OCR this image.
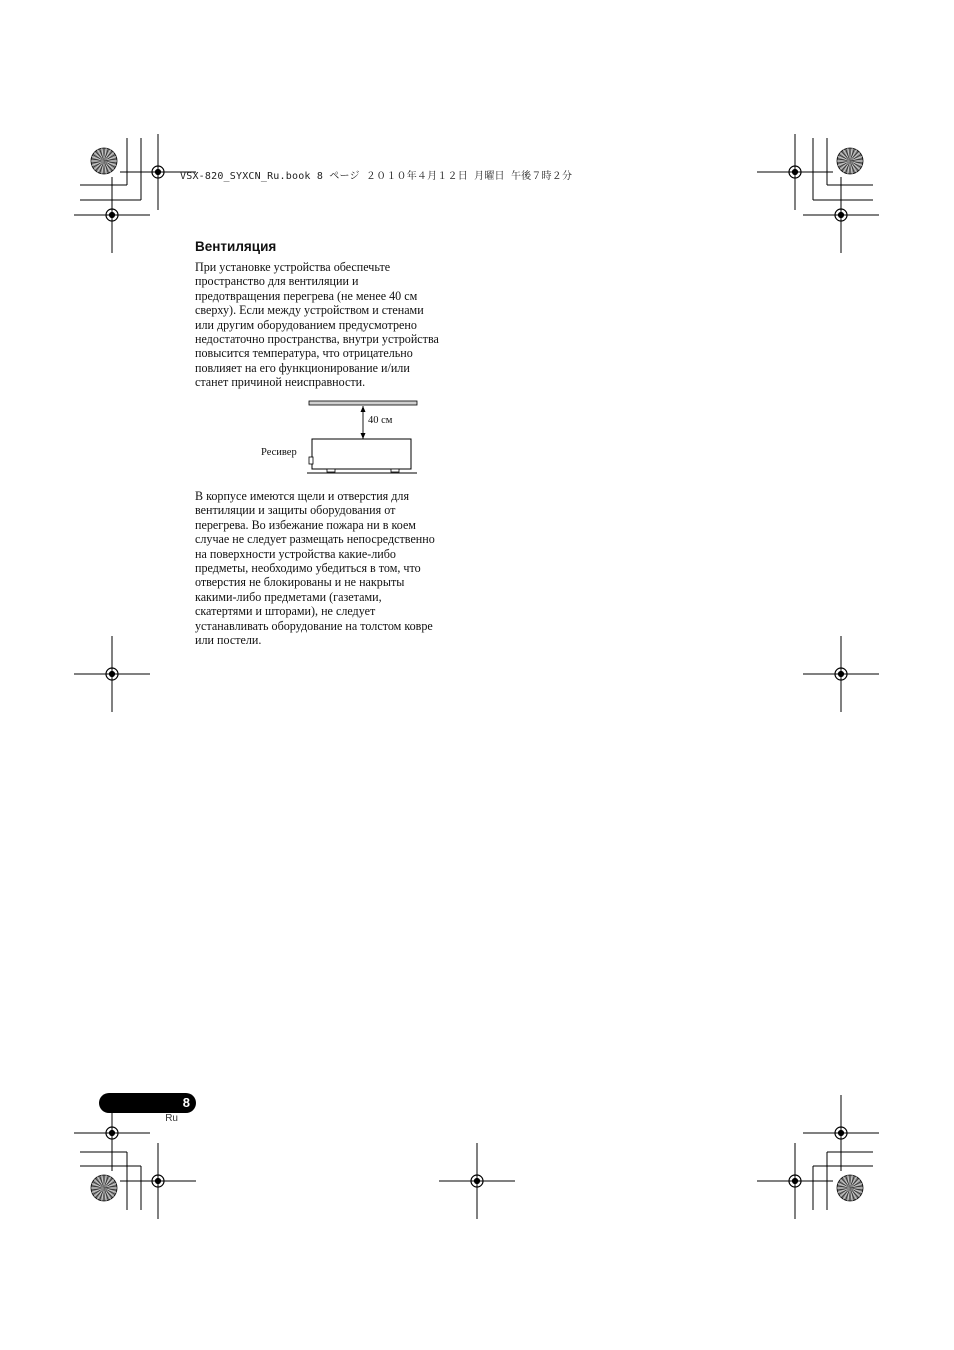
VSX-820_SYXCN_Ru.book 8 ページ ２０１０年４月１２日 月曜日 午後７時２分
Вентиляция
При установке устройства обеспечьте
пространство для вентиляции и
предотвращения перегрева (не менее 40 см
сверху). Если между устройством и стенами
или другим оборудованием предусмотрено
недостаточно пространства, внутри устройства
повысится температура, что отрицательно
повлияет на его функционирование и/или
станет причиной неисправности.
40 см
Ресивер
В корпусе имеются щели и отверстия для
вентиляции и защиты оборудования от
перегрева. Во избежание пожара ни в коем
случае не следует размещать непосредственно
на поверхности устройства какие-либо
предметы, необходимо убедиться в том, что
отверстия не блокированы и не накрыты
какими-либо предметами (газетами,
скатертями и шторами), не следует
устанавливать оборудование на толстом ковре
или постели.
8
Ru
